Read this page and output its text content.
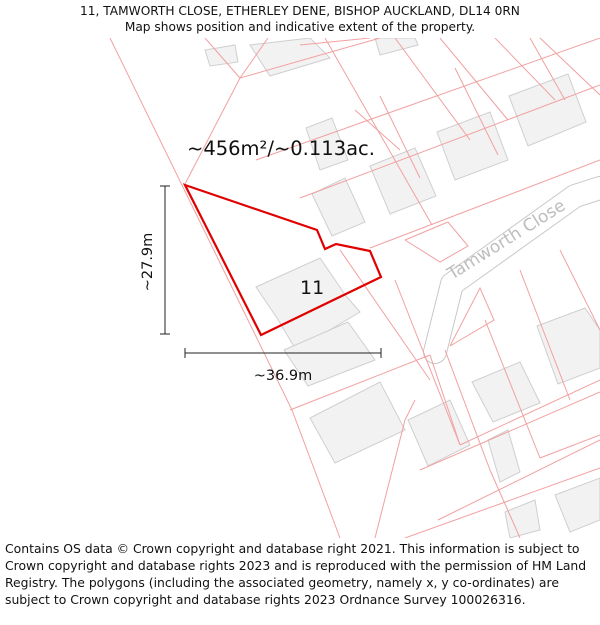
11, TAMWORTH CLOSE, ETHERLEY DENE, BISHOP AUCKLAND, DL14 0RN
Map shows position and indicative extent of the property.
~456m²/~0.113ac.
11
Tamworth Close
~27.9m
~36.9m
Contains OS data © Crown copyright and database right 2021. This information is subject to Crown copyright and database rights 2023 and is reproduced with the permission of HM Land Registry. The polygons (including the associated geometry, namely x, y co-ordinates) are subject to Crown copyright and database rights 2023 Ordnance Survey 100026316.
